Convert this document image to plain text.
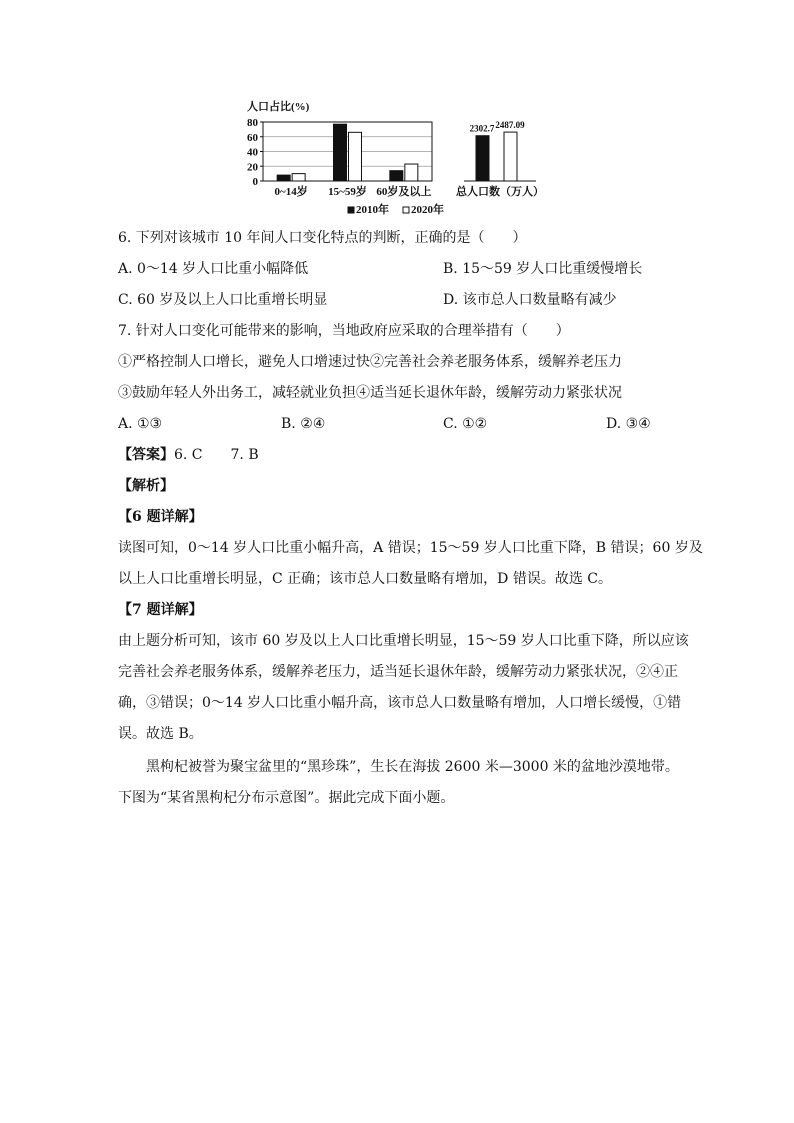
人口占比(%)
80
60
40
20
0
0~14岁 15~59岁 60岁及以上
2302.7 2487.09
总人口数（万人）
2010年 2020年
6. 下列对该城市 10 年间人口变化特点的判断，正确的是（　　）
A. 0～14 岁人口比重小幅降低	B. 15～59 岁人口比重缓慢增长
C. 60 岁及以上人口比重增长明显	D. 该市总人口数量略有减少
7. 针对人口变化可能带来的影响，当地政府应采取的合理举措有（　　）
①严格控制人口增长，避免人口增速过快②完善社会养老服务体系，缓解养老压力
③鼓励年轻人外出务工，减轻就业负担④适当延长退休年龄，缓解劳动力紧张状况
A. ①③	B. ②④	C. ①②	D. ③④
【答案】6. C　　7. B
【解析】
【6 题详解】
读图可知，0～14 岁人口比重小幅升高，A 错误；15～59 岁人口比重下降，B 错误；60 岁及
以上人口比重增长明显，C 正确；该市总人口数量略有增加，D 错误。故选 C。
【7 题详解】
由上题分析可知，该市 60 岁及以上人口比重增长明显，15～59 岁人口比重下降，所以应该
完善社会养老服务体系，缓解养老压力，适当延长退休年龄，缓解劳动力紧张状况，②④正
确，③错误；0～14 岁人口比重小幅升高，该市总人口数量略有增加，人口增长缓慢，①错
误。故选 B。
黑枸杞被誉为聚宝盆里的“黑珍珠”，生长在海拔 2600 米—3000 米的盆地沙漠地带。
下图为“某省黑枸杞分布示意图”。据此完成下面小题。
